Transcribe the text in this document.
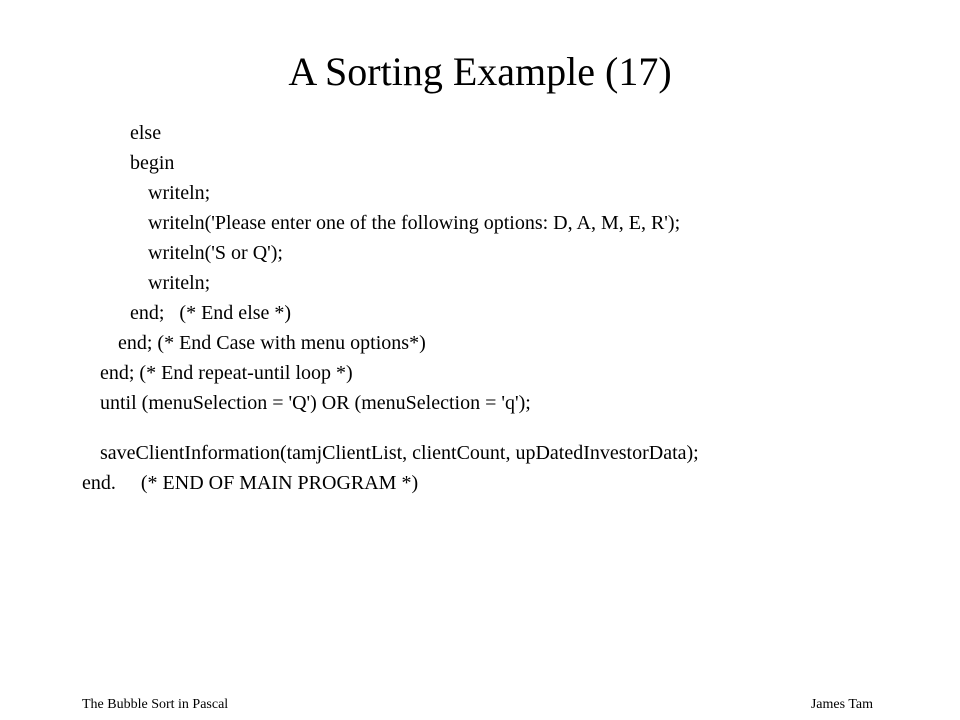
A Sorting Example (17)
else
begin
writeln;
writeln('Please enter one of the following options: D, A, M, E, R');
writeln('S or Q');
writeln;
end;   (* End else *)
end; (* End Case with menu options*)
end; (* End repeat-until loop *)
until (menuSelection = 'Q') OR (menuSelection = 'q');
saveClientInformation(tamjClientList, clientCount, upDatedInvestorData);
end.     (* END OF MAIN PROGRAM *)
The Bubble Sort in Pascal	James Tam
